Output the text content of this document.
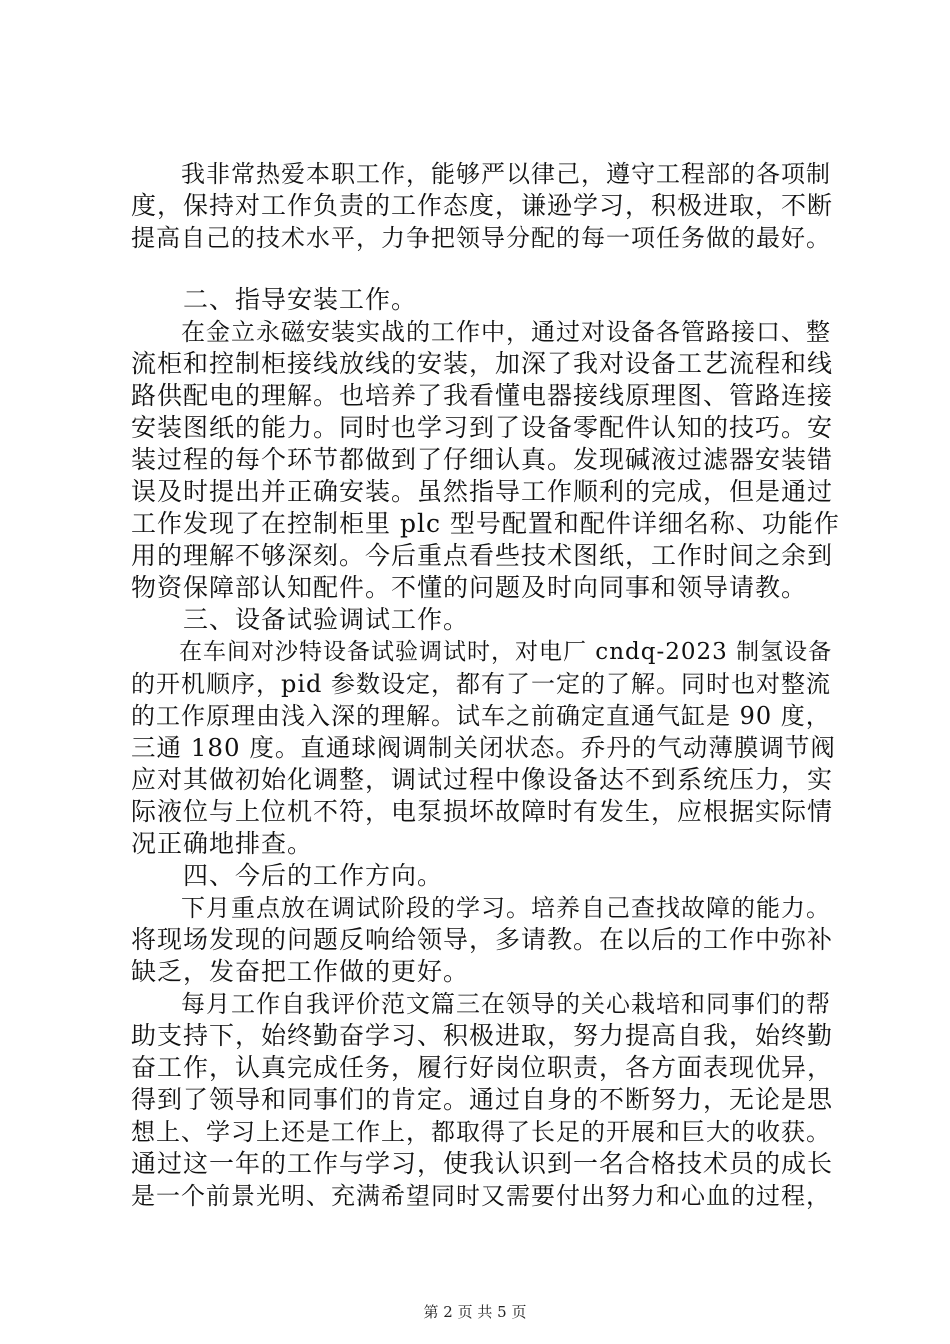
　　我非常热爱本职工作，能够严以律己，遵守工程部的各项制
度，保持对工作负责的工作态度，谦逊学习，积极进取，不断
提高自己的技术水平，力争把领导分配的每一项任务做的最好。
　　二、指导安装工作。
　　在金立永磁安装实战的工作中，通过对设备各管路接口、整
流柜和控制柜接线放线的安装，加深了我对设备工艺流程和线
路供配电的理解。也培养了我看懂电器接线原理图、管路连接
安装图纸的能力。同时也学习到了设备零配件认知的技巧。安
装过程的每个环节都做到了仔细认真。发现碱液过滤器安装错
误及时提出并正确安装。虽然指导工作顺利的完成，但是通过
工作发现了在控制柜里 plc 型号配置和配件详细名称、功能作
用的理解不够深刻。今后重点看些技术图纸，工作时间之余到
物资保障部认知配件。不懂的问题及时向同事和领导请教。
　　三、设备试验调试工作。
　　在车间对沙特设备试验调试时，对电厂 cndq-2023 制氢设备
的开机顺序，pid 参数设定，都有了一定的了解。同时也对整流
的工作原理由浅入深的理解。试车之前确定直通气缸是 90 度，
三通 180 度。直通球阀调制关闭状态。乔丹的气动薄膜调节阀
应对其做初始化调整，调试过程中像设备达不到系统压力，实
际液位与上位机不符，电泵损坏故障时有发生，应根据实际情
况正确地排查。
　　四、今后的工作方向。
　　下月重点放在调试阶段的学习。培养自己查找故障的能力。
将现场发现的问题反响给领导，多请教。在以后的工作中弥补
缺乏，发奋把工作做的更好。
　　每月工作自我评价范文篇三在领导的关心栽培和同事们的帮
助支持下，始终勤奋学习、积极进取，努力提高自我，始终勤
奋工作，认真完成任务，履行好岗位职责，各方面表现优异，
得到了领导和同事们的肯定。通过自身的不断努力，无论是思
想上、学习上还是工作上，都取得了长足的开展和巨大的收获。
通过这一年的工作与学习，使我认识到一名合格技术员的成长
是一个前景光明、充满希望同时又需要付出努力和心血的过程，
第 2 页 共 5 页
